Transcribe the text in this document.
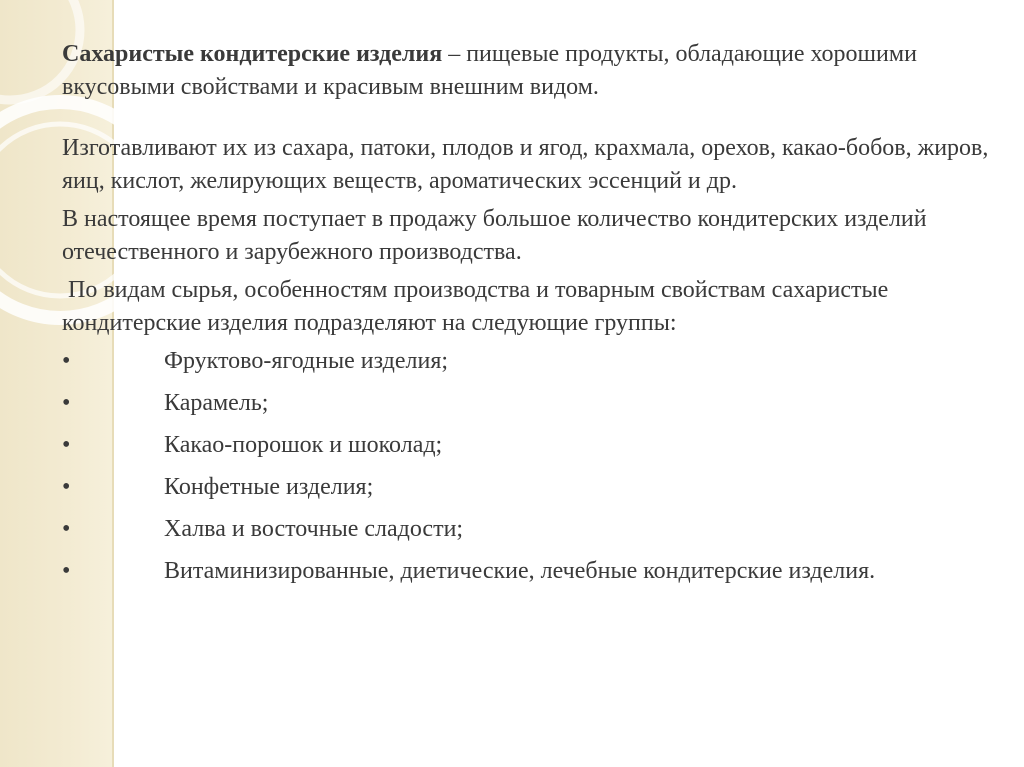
Сахаристые кондитерские изделия – пищевые продукты, обладающие хорошими вкусовыми свойствами и красивым внешним видом.

Изготавливают их из сахара, патоки, плодов и ягод, крахмала, орехов, какао-бобов, жиров, яиц, кислот, желирующих веществ, ароматических эссенций и др.

В настоящее время поступает в продажу большое количество кондитерских изделий отечественного и зарубежного производства.

По видам сырья, особенностям производства и товарным свойствам сахаристые кондитерские изделия подразделяют на следующие группы:

•	Фруктово-ягодные изделия;

•	Карамель;

•	Какао-порошок и шоколад;

•	Конфетные изделия;

•	Халва и восточные сладости;

•	Витаминизированные, диетические, лечебные кондитерские изделия.
